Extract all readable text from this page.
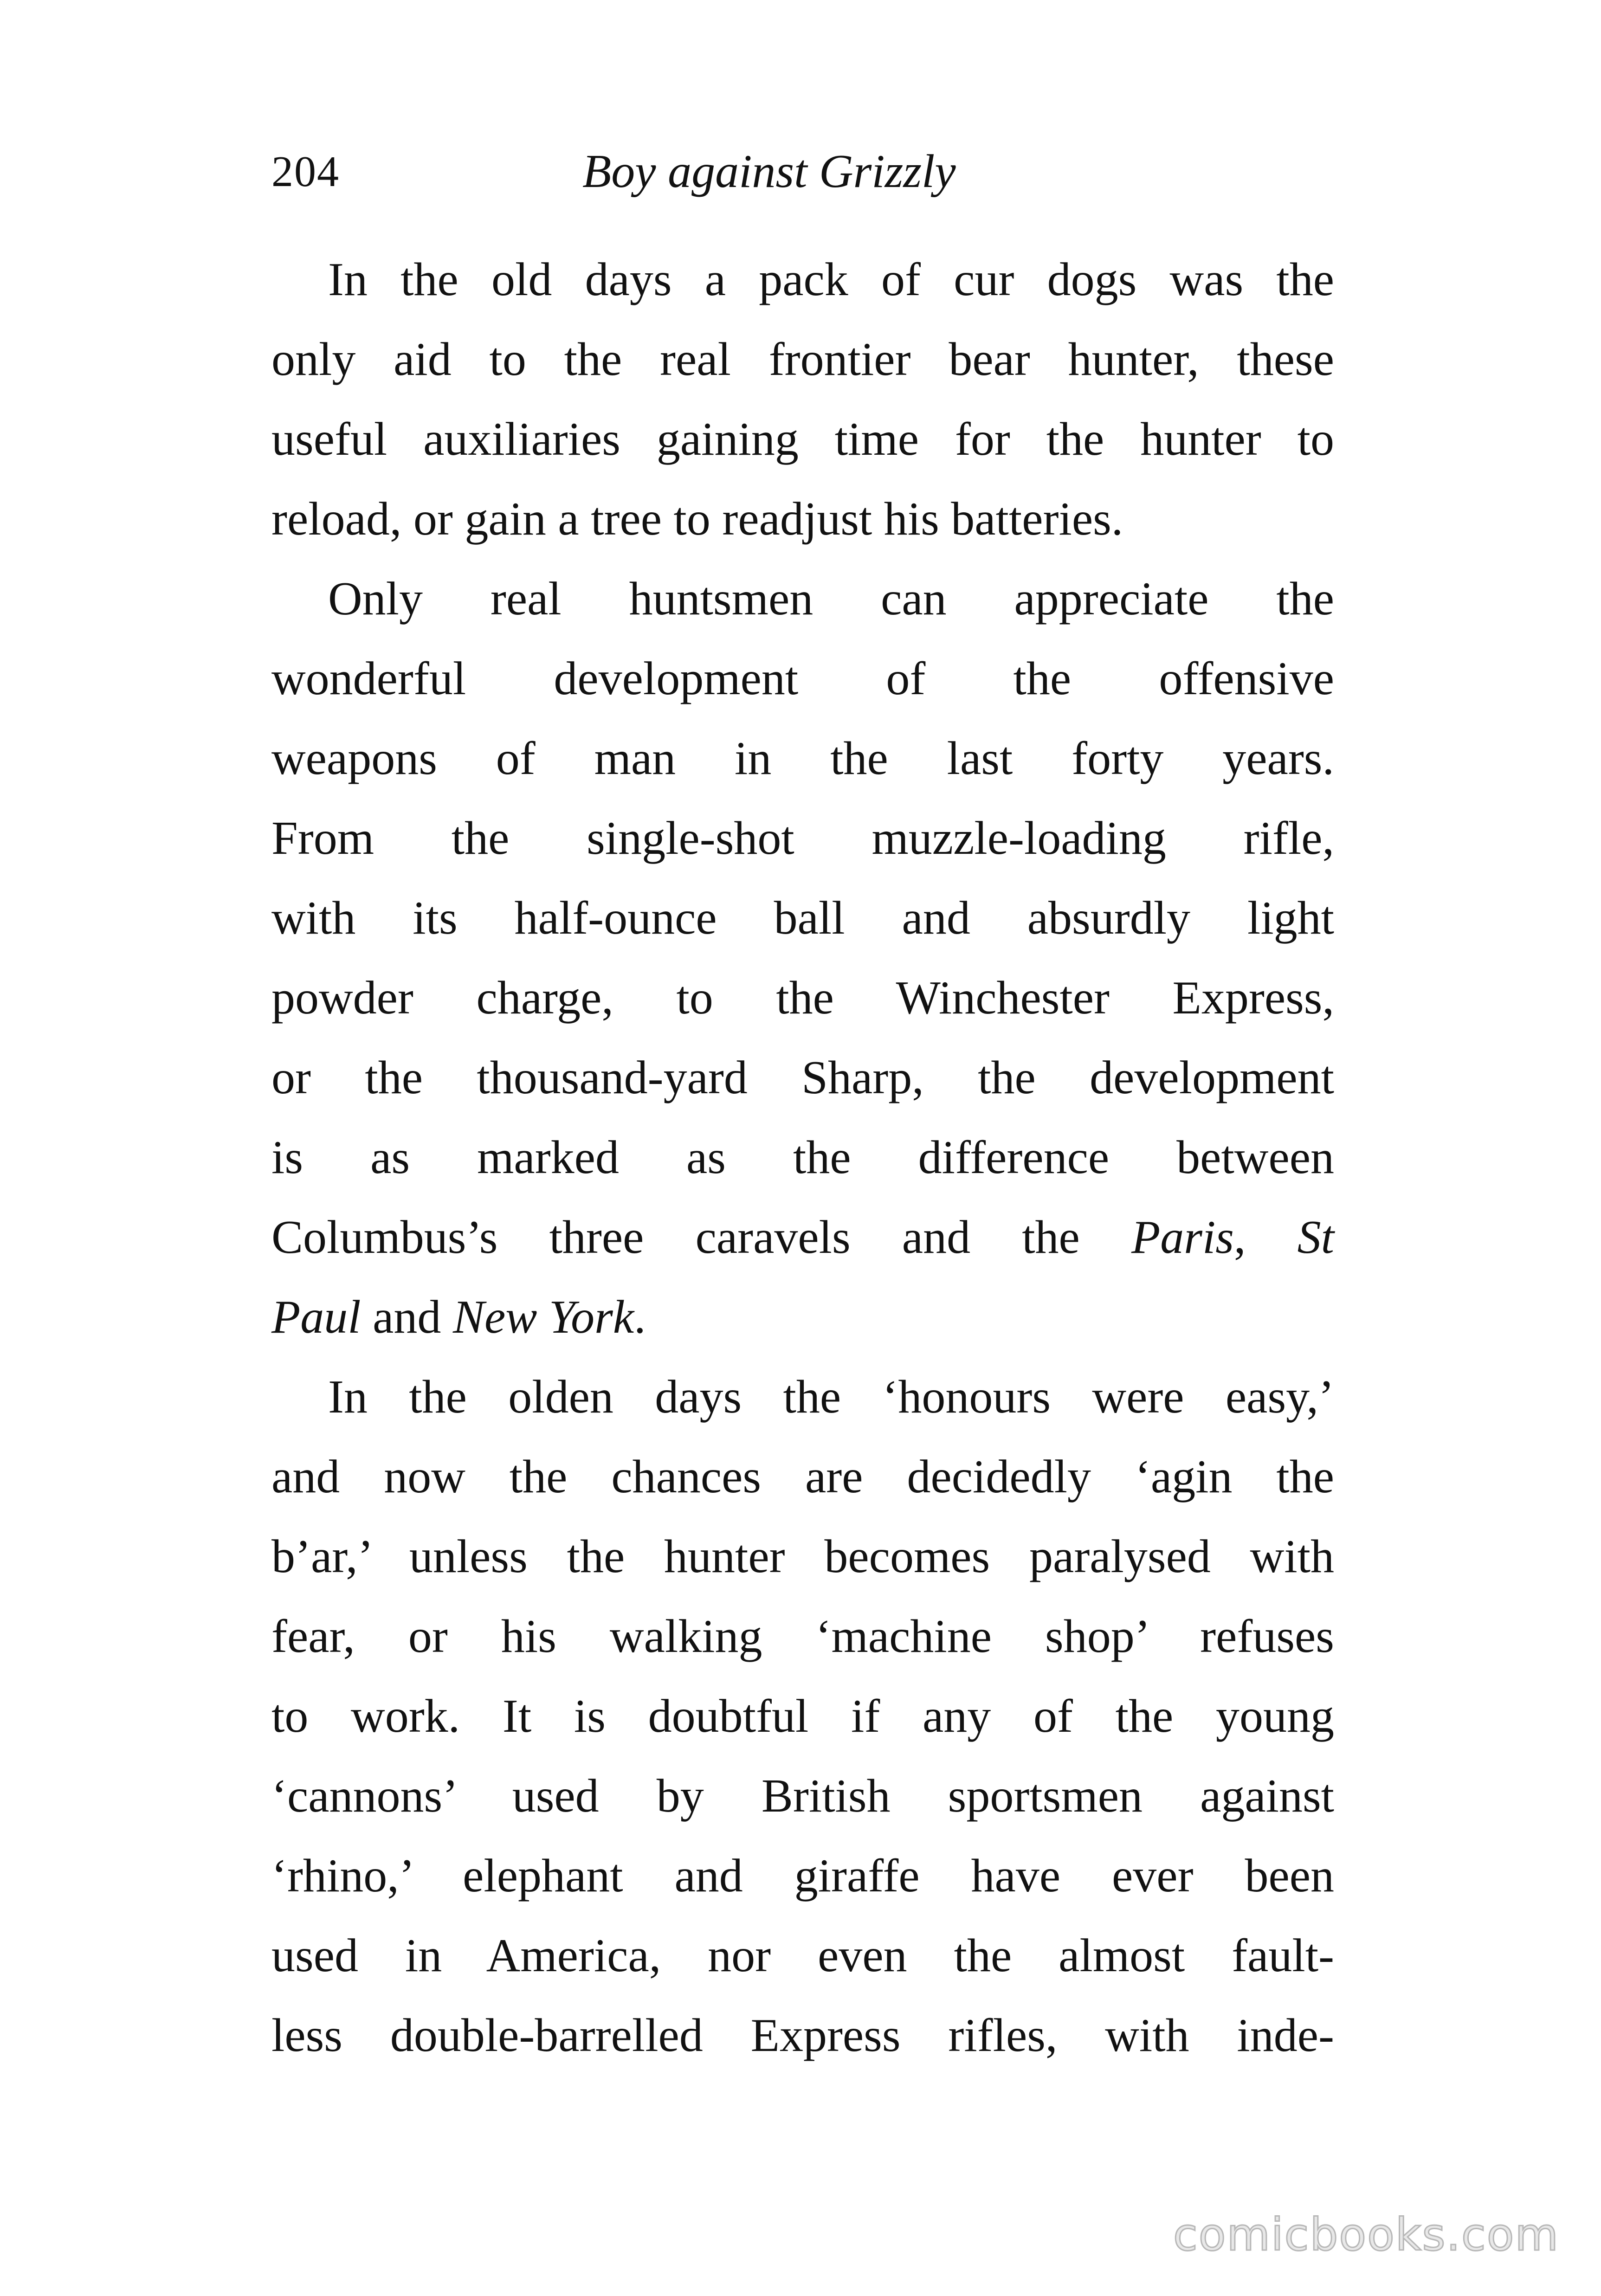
204	Boy against Grizzly

In the old days a pack of cur dogs was the
only aid to the real frontier bear hunter, these
useful auxiliaries gaining time for the hunter to
reload, or gain a tree to readjust his batteries.

Only real huntsmen can appreciate the
wonderful development of the offensive
weapons of man in the last forty years.
From the single-shot muzzle-loading rifle,
with its half-ounce ball and absurdly light
powder charge, to the Winchester Express,
or the thousand-yard Sharp, the development
is as marked as the difference between
Columbus’s three caravels and the Paris, St
Paul and New York.

In the olden days the ‘honours were easy,’
and now the chances are decidedly ‘agin the
b’ar,’ unless the hunter becomes paralysed with
fear, or his walking ‘machine shop’ refuses
to work. It is doubtful if any of the young
‘cannons’ used by British sportsmen against
‘rhino,’ elephant and giraffe have ever been
used in America, nor even the almost fault-
less double-barrelled Express rifles, with inde-

comicbooks.com
